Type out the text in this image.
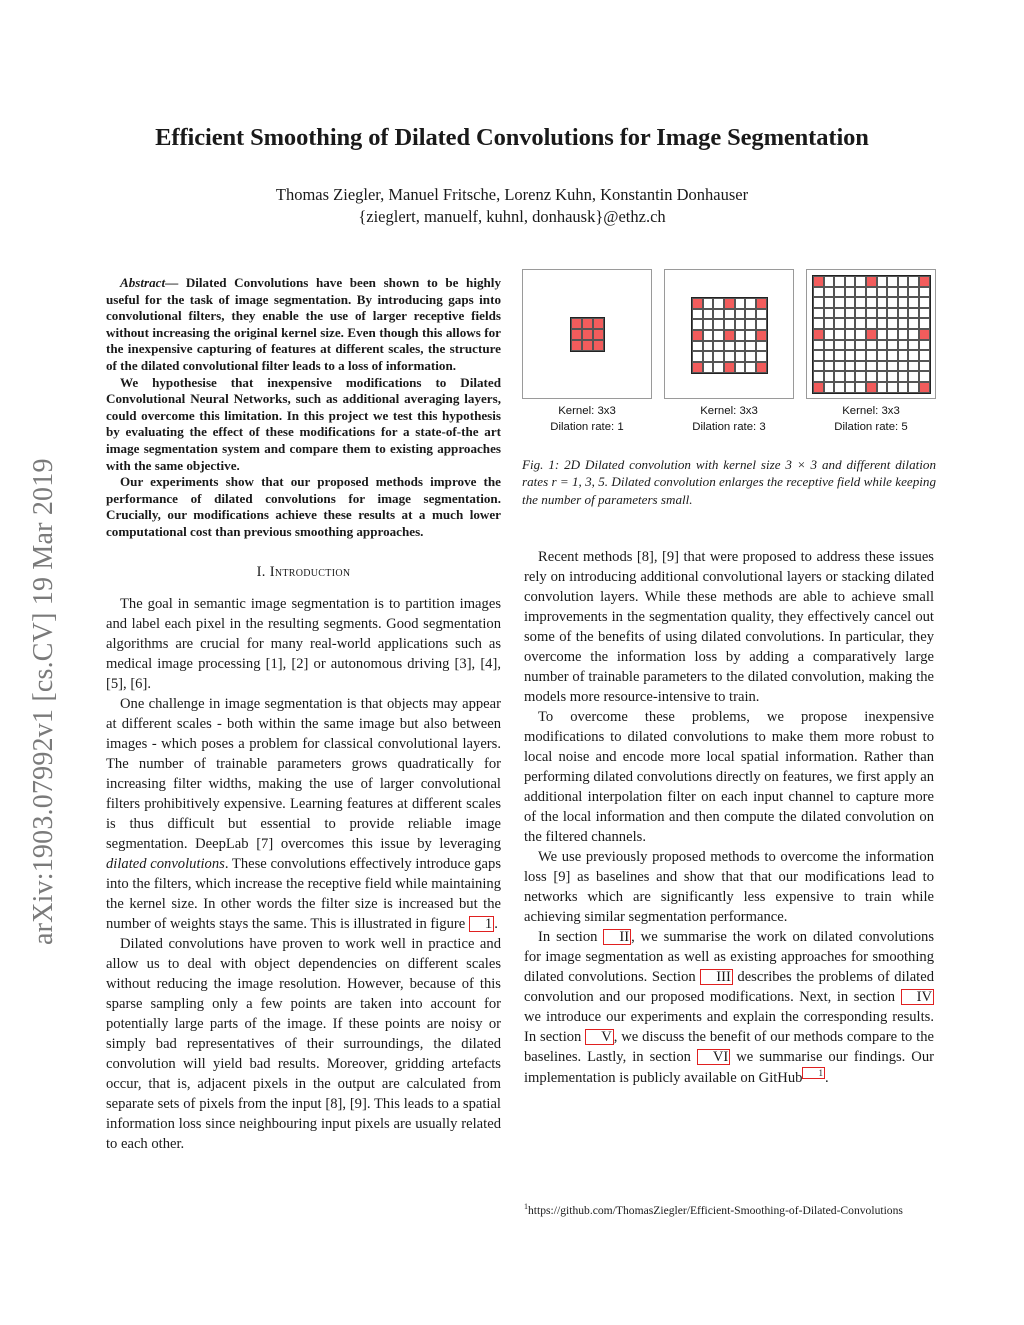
Efficient Smoothing of Dilated Convolutions for Image Segmentation
Thomas Ziegler, Manuel Fritsche, Lorenz Kuhn, Konstantin Donhauser
{zieglert, manuelf, kuhnl, donhausk}@ethz.ch
arXiv:1903.07992v1 [cs.CV] 19 Mar 2019

Abstract— Dilated Convolutions have been shown to be highly useful for the task of image segmentation. By introducing gaps into convolutional filters, they enable the use of larger receptive fields without increasing the original kernel size. Even though this allows for the inexpensive capturing of features at different scales, the structure of the dilated convolutional filter leads to a loss of information.

We hypothesise that inexpensive modifications to Dilated Convolutional Neural Networks, such as additional averaging layers, could overcome this limitation. In this project we test this hypothesis by evaluating the effect of these modifications for a state-of-the art image segmentation system and compare them to existing approaches with the same objective.

Our experiments show that our proposed methods improve the performance of dilated convolutions for image segmentation. Crucially, our modifications achieve these results at a much lower computational cost than previous smoothing approaches.

I. Introduction

The goal in semantic image segmentation is to partition images and label each pixel in the resulting segments. Good segmentation algorithms are crucial for many real-world applications such as medical image processing [1], [2] or autonomous driving [3], [4], [5], [6].

One challenge in image segmentation is that objects may appear at different scales - both within the same image but also between images - which poses a problem for classical convolutional layers. The number of trainable parameters grows quadratically for increasing filter widths, making the use of larger convolutional filters prohibitively expensive. Learning features at different scales is thus difficult but essential to provide reliable image segmentation. DeepLab [7] overcomes this issue by leveraging dilated convolutions. These convolutions effectively introduce gaps into the filters, which increase the receptive field while maintaining the kernel size. In other words the filter size is increased but the number of weights stays the same. This is illustrated in figure 1 .

Dilated convolutions have proven to work well in practice and allow us to deal with object dependencies on different scales without reducing the image resolution. However, because of this sparse sampling only a few points are taken into account for potentially large parts of the image. If these points are noisy or simply bad representatives of their surroundings, the dilated convolution will yield bad results. Moreover, gridding artefacts occur, that is, adjacent pixels in the output are calculated from separate sets of pixels from the input [8], [9]. This leads to a spatial information loss since neighbouring input pixels are usually related to each other.

Kernel: 3x3
Dilation rate: 1
Kernel: 3x3
Dilation rate: 3
Kernel: 3x3
Dilation rate: 5
Fig. 1: 2D Dilated convolution with kernel size 3 × 3 and different dilation rates r = 1, 3, 5. Dilated convolution enlarges the receptive field while keeping the number of parameters small.

Recent methods [8], [9] that were proposed to address these issues rely on introducing additional convolutional layers or stacking dilated convolution layers. While these methods are able to achieve small improvements in the segmentation quality, they effectively cancel out some of the benefits of using dilated convolutions. In particular, they overcome the information loss by adding a comparatively large number of trainable parameters to the dilated convolution, making the models more resource-intensive to train.

To overcome these problems, we propose inexpensive modifications to dilated convolutions to make them more robust to local noise and encode more local spatial information. Rather than performing dilated convolutions directly on features, we first apply an additional interpolation filter on each input channel to capture more of the local information and then compute the dilated convolution on the filtered channels.

We use previously proposed methods to overcome the information loss [9] as baselines and show that that our modifications lead to networks which are significantly less expensive to train while achieving similar segmentation performance.

In section II , we summarise the work on dilated convolutions for image segmentation as well as existing approaches for smoothing dilated convolutions. Section III describes the problems of dilated convolution and our proposed modifications. Next, in section IV we introduce our experiments and explain the corresponding results. In section V , we discuss the benefit of our methods compare to the baselines. Lastly, in section VI we summarise our findings. Our implementation is publicly available on GitHub $^1$ .

$^1$https://github.com/ThomasZiegler/Efficient-Smoothing-of-Dilated-Convolutions
